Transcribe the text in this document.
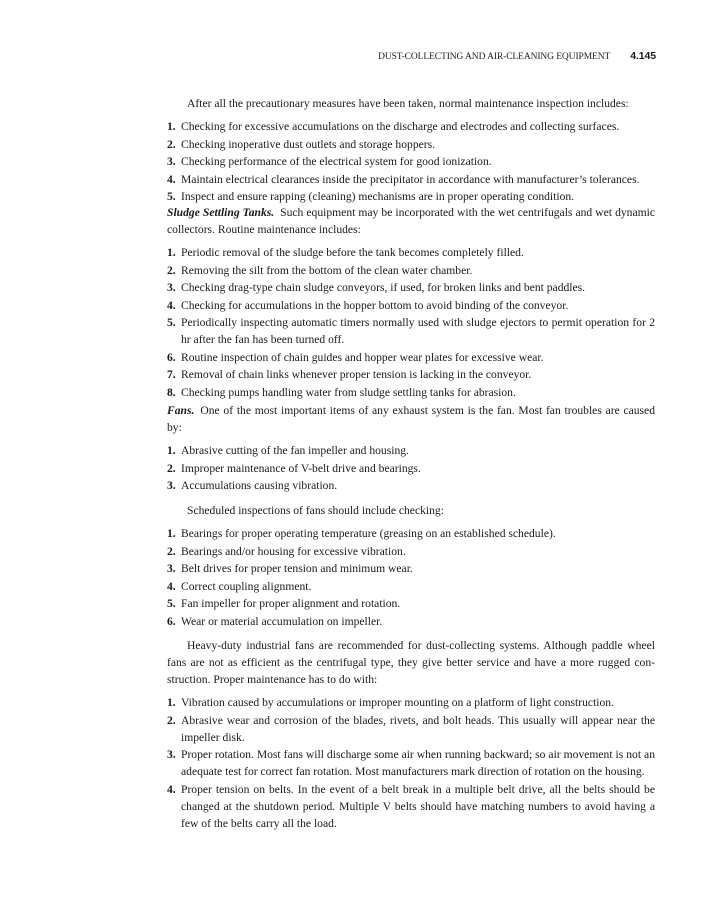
DUST-COLLECTING AND AIR-CLEANING EQUIPMENT 4.145
After all the precautionary measures have been taken, normal maintenance inspection includes:
1. Checking for excessive accumulations on the discharge and electrodes and collecting surfaces.
2. Checking inoperative dust outlets and storage hoppers.
3. Checking performance of the electrical system for good ionization.
4. Maintain electrical clearances inside the precipitator in accordance with manufacturer’s tolerances.
5. Inspect and ensure rapping (cleaning) mechanisms are in proper operating condition.
Sludge Settling Tanks. Such equipment may be incorporated with the wet centrifugals and wet dynamic collectors. Routine maintenance includes:
1. Periodic removal of the sludge before the tank becomes completely filled.
2. Removing the silt from the bottom of the clean water chamber.
3. Checking drag-type chain sludge conveyors, if used, for broken links and bent paddles.
4. Checking for accumulations in the hopper bottom to avoid binding of the conveyor.
5. Periodically inspecting automatic timers normally used with sludge ejectors to permit operation for 2 hr after the fan has been turned off.
6. Routine inspection of chain guides and hopper wear plates for excessive wear.
7. Removal of chain links whenever proper tension is lacking in the conveyor.
8. Checking pumps handling water from sludge settling tanks for abrasion.
Fans. One of the most important items of any exhaust system is the fan. Most fan troubles are caused by:
1. Abrasive cutting of the fan impeller and housing.
2. Improper maintenance of V-belt drive and bearings.
3. Accumulations causing vibration.
Scheduled inspections of fans should include checking:
1. Bearings for proper operating temperature (greasing on an established schedule).
2. Bearings and/or housing for excessive vibration.
3. Belt drives for proper tension and minimum wear.
4. Correct coupling alignment.
5. Fan impeller for proper alignment and rotation.
6. Wear or material accumulation on impeller.
Heavy-duty industrial fans are recommended for dust-collecting systems. Although paddle wheel fans are not as efficient as the centrifugal type, they give better service and have a more rugged con-struction. Proper maintenance has to do with:
1. Vibration caused by accumulations or improper mounting on a platform of light construction.
2. Abrasive wear and corrosion of the blades, rivets, and bolt heads. This usually will appear near the impeller disk.
3. Proper rotation. Most fans will discharge some air when running backward; so air movement is not an adequate test for correct fan rotation. Most manufacturers mark direction of rotation on the housing.
4. Proper tension on belts. In the event of a belt break in a multiple belt drive, all the belts should be changed at the shutdown period. Multiple V belts should have matching numbers to avoid having a few of the belts carry all the load.
